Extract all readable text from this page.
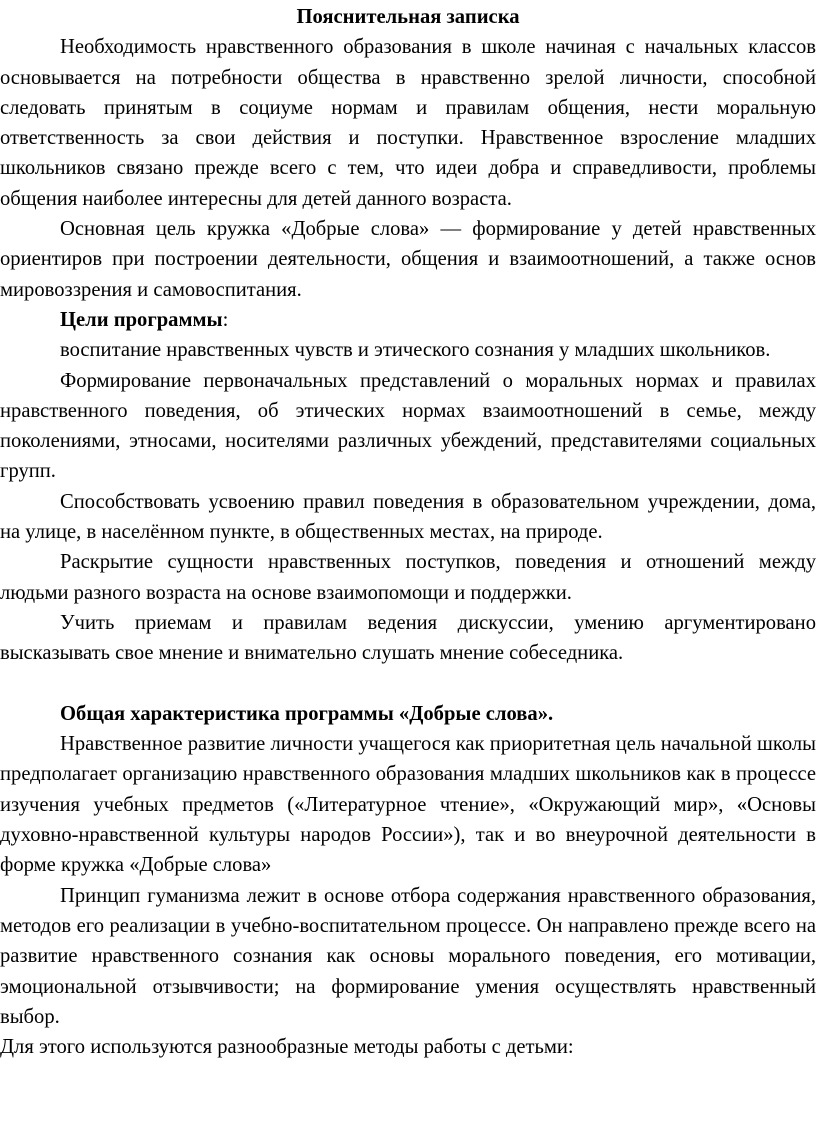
Пояснительная записка

Необходимость нравственного образования в школе начиная с начальных классов основывается на потребности общества в нравственно зрелой личности, способной следовать принятым в социуме нормам и правилам общения, нести моральную ответственность за свои действия и поступки. Нравственное взросление младших школьников связано прежде всего с тем, что идеи добра и справедливости, проблемы общения наиболее интересны для детей данного возраста.

Основная цель кружка «Добрые слова» — формирование у детей нравственных ориентиров при построении деятельности, общения и взаимоотношений, а также основ мировоззрения и самовоспитания.

Цели программы:

воспитание нравственных чувств и этического сознания у младших школьников.

Формирование первоначальных представлений о моральных нормах и правилах нравственного поведения, об этических нормах взаимоотношений в семье, между поколениями, этносами, носителями различных убеждений, представителями социальных групп.

Способствовать усвоению правил поведения в образовательном учреждении, дома, на улице, в населённом пункте, в общественных местах, на природе.

Раскрытие сущности нравственных поступков, поведения и отношений между людьми разного возраста на основе взаимопомощи и поддержки.

Учить приемам и правилам ведения дискуссии, умению аргументировано высказывать свое мнение и внимательно слушать мнение собеседника.

Общая характеристика программы «Добрые слова».

Нравственное развитие личности учащегося как приоритетная цель начальной школы предполагает организацию нравственного образования младших школьников как в процессе изучения учебных предметов («Литературное чтение», «Окружающий мир», «Основы духовно-нравственной культуры народов России»), так и во внеурочной деятельности в форме кружка «Добрые слова»

Принцип гуманизма лежит в основе отбора содержания нравственного образования, методов его реализации в учебно-воспитательном процессе. Он направлено прежде всего на развитие нравственного сознания как основы морального поведения, его мотивации, эмоциональной отзывчивости; на формирование умения осуществлять нравственный выбор.

Для этого используются разнообразные методы работы с детьми:
